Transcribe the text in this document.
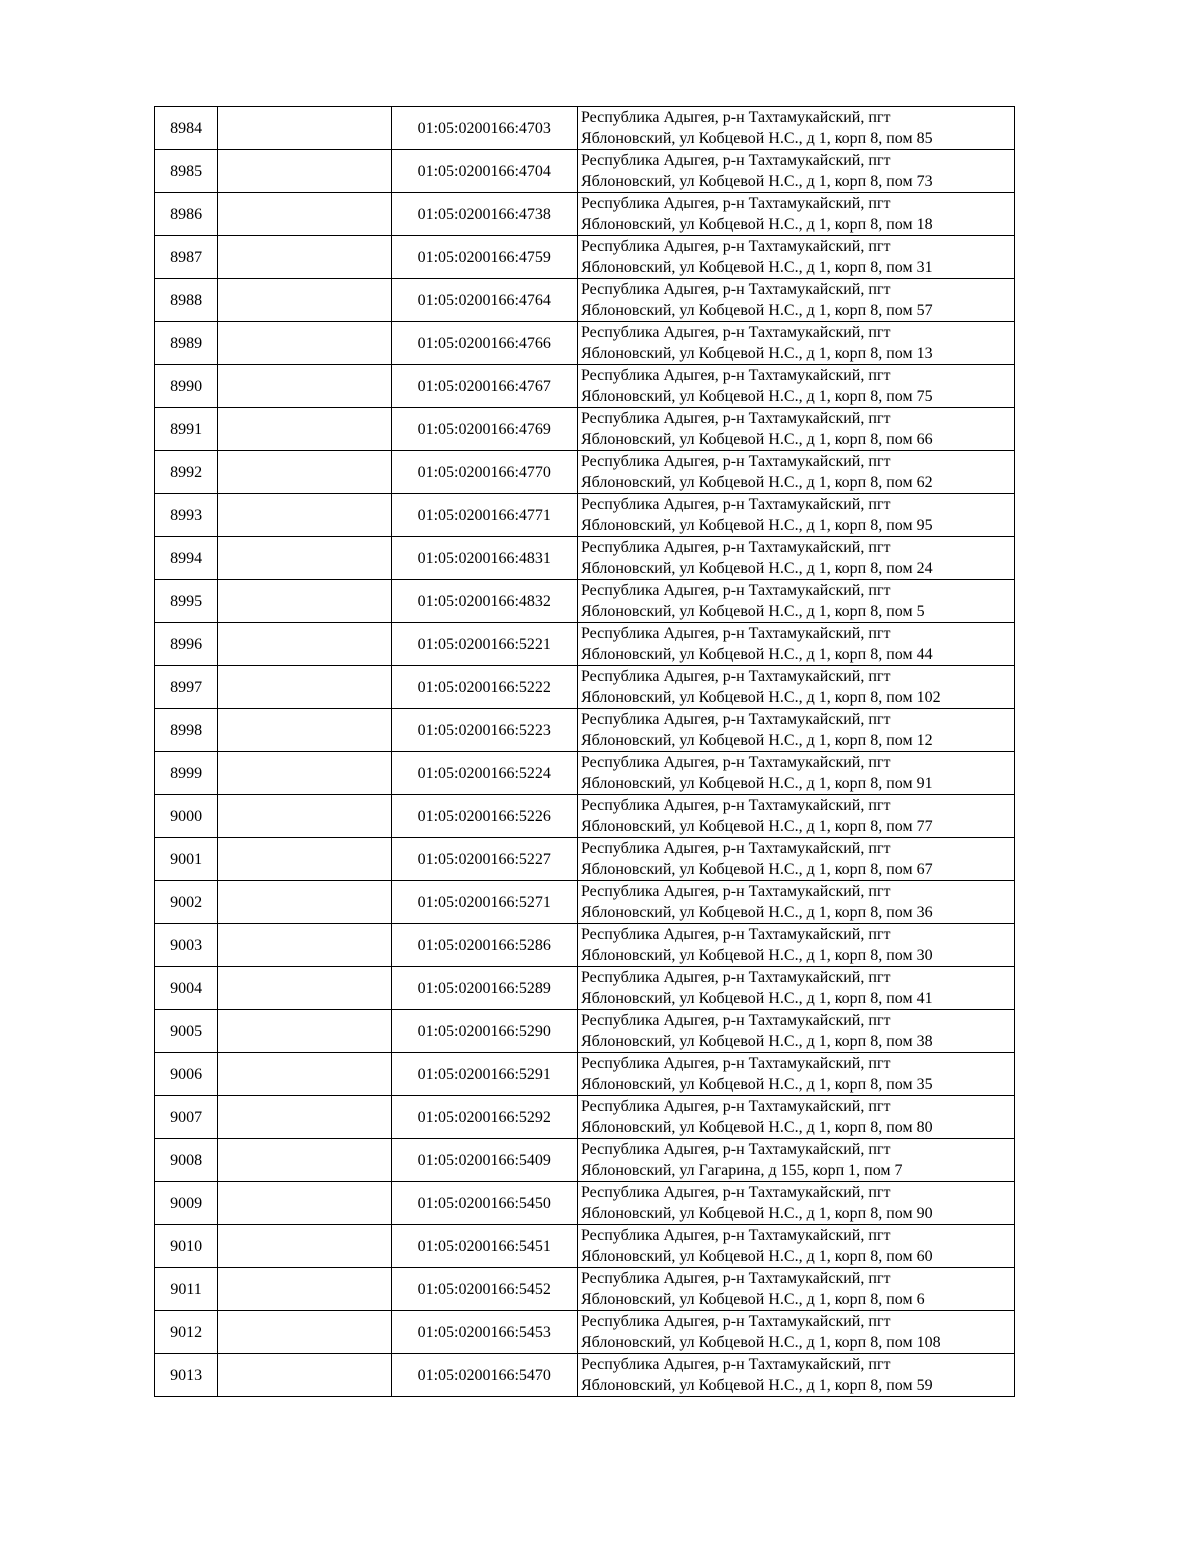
8984		01:05:0200166:4703	Республика Адыгея, р-н Тахтамукайский, пгт
Яблоновский, ул Кобцевой Н.С., д 1, корп 8, пом 85

8985		01:05:0200166:4704	Республика Адыгея, р-н Тахтамукайский, пгт
Яблоновский, ул Кобцевой Н.С., д 1, корп 8, пом 73

8986		01:05:0200166:4738	Республика Адыгея, р-н Тахтамукайский, пгт
Яблоновский, ул Кобцевой Н.С., д 1, корп 8, пом 18

8987		01:05:0200166:4759	Республика Адыгея, р-н Тахтамукайский, пгт
Яблоновский, ул Кобцевой Н.С., д 1, корп 8, пом 31

8988		01:05:0200166:4764	Республика Адыгея, р-н Тахтамукайский, пгт
Яблоновский, ул Кобцевой Н.С., д 1, корп 8, пом 57

8989		01:05:0200166:4766	Республика Адыгея, р-н Тахтамукайский, пгт
Яблоновский, ул Кобцевой Н.С., д 1, корп 8, пом 13

8990		01:05:0200166:4767	Республика Адыгея, р-н Тахтамукайский, пгт
Яблоновский, ул Кобцевой Н.С., д 1, корп 8, пом 75

8991		01:05:0200166:4769	Республика Адыгея, р-н Тахтамукайский, пгт
Яблоновский, ул Кобцевой Н.С., д 1, корп 8, пом 66

8992		01:05:0200166:4770	Республика Адыгея, р-н Тахтамукайский, пгт
Яблоновский, ул Кобцевой Н.С., д 1, корп 8, пом 62

8993		01:05:0200166:4771	Республика Адыгея, р-н Тахтамукайский, пгт
Яблоновский, ул Кобцевой Н.С., д 1, корп 8, пом 95

8994		01:05:0200166:4831	Республика Адыгея, р-н Тахтамукайский, пгт
Яблоновский, ул Кобцевой Н.С., д 1, корп 8, пом 24

8995		01:05:0200166:4832	Республика Адыгея, р-н Тахтамукайский, пгт
Яблоновский, ул Кобцевой Н.С., д 1, корп 8, пом 5

8996		01:05:0200166:5221	Республика Адыгея, р-н Тахтамукайский, пгт
Яблоновский, ул Кобцевой Н.С., д 1, корп 8, пом 44

8997		01:05:0200166:5222	Республика Адыгея, р-н Тахтамукайский, пгт
Яблоновский, ул Кобцевой Н.С., д 1, корп 8, пом 102

8998		01:05:0200166:5223	Республика Адыгея, р-н Тахтамукайский, пгт
Яблоновский, ул Кобцевой Н.С., д 1, корп 8, пом 12

8999		01:05:0200166:5224	Республика Адыгея, р-н Тахтамукайский, пгт
Яблоновский, ул Кобцевой Н.С., д 1, корп 8, пом 91

9000		01:05:0200166:5226	Республика Адыгея, р-н Тахтамукайский, пгт
Яблоновский, ул Кобцевой Н.С., д 1, корп 8, пом 77

9001		01:05:0200166:5227	Республика Адыгея, р-н Тахтамукайский, пгт
Яблоновский, ул Кобцевой Н.С., д 1, корп 8, пом 67

9002		01:05:0200166:5271	Республика Адыгея, р-н Тахтамукайский, пгт
Яблоновский, ул Кобцевой Н.С., д 1, корп 8, пом 36

9003		01:05:0200166:5286	Республика Адыгея, р-н Тахтамукайский, пгт
Яблоновский, ул Кобцевой Н.С., д 1, корп 8, пом 30

9004		01:05:0200166:5289	Республика Адыгея, р-н Тахтамукайский, пгт
Яблоновский, ул Кобцевой Н.С., д 1, корп 8, пом 41

9005		01:05:0200166:5290	Республика Адыгея, р-н Тахтамукайский, пгт
Яблоновский, ул Кобцевой Н.С., д 1, корп 8, пом 38

9006		01:05:0200166:5291	Республика Адыгея, р-н Тахтамукайский, пгт
Яблоновский, ул Кобцевой Н.С., д 1, корп 8, пом 35

9007		01:05:0200166:5292	Республика Адыгея, р-н Тахтамукайский, пгт
Яблоновский, ул Кобцевой Н.С., д 1, корп 8, пом 80

9008		01:05:0200166:5409	Республика Адыгея, р-н Тахтамукайский, пгт
Яблоновский, ул Гагарина, д 155, корп 1, пом 7

9009		01:05:0200166:5450	Республика Адыгея, р-н Тахтамукайский, пгт
Яблоновский, ул Кобцевой Н.С., д 1, корп 8, пом 90

9010		01:05:0200166:5451	Республика Адыгея, р-н Тахтамукайский, пгт
Яблоновский, ул Кобцевой Н.С., д 1, корп 8, пом 60

9011		01:05:0200166:5452	Республика Адыгея, р-н Тахтамукайский, пгт
Яблоновский, ул Кобцевой Н.С., д 1, корп 8, пом 6

9012		01:05:0200166:5453	Республика Адыгея, р-н Тахтамукайский, пгт
Яблоновский, ул Кобцевой Н.С., д 1, корп 8, пом 108

9013		01:05:0200166:5470	Республика Адыгея, р-н Тахтамукайский, пгт
Яблоновский, ул Кобцевой Н.С., д 1, корп 8, пом 59
